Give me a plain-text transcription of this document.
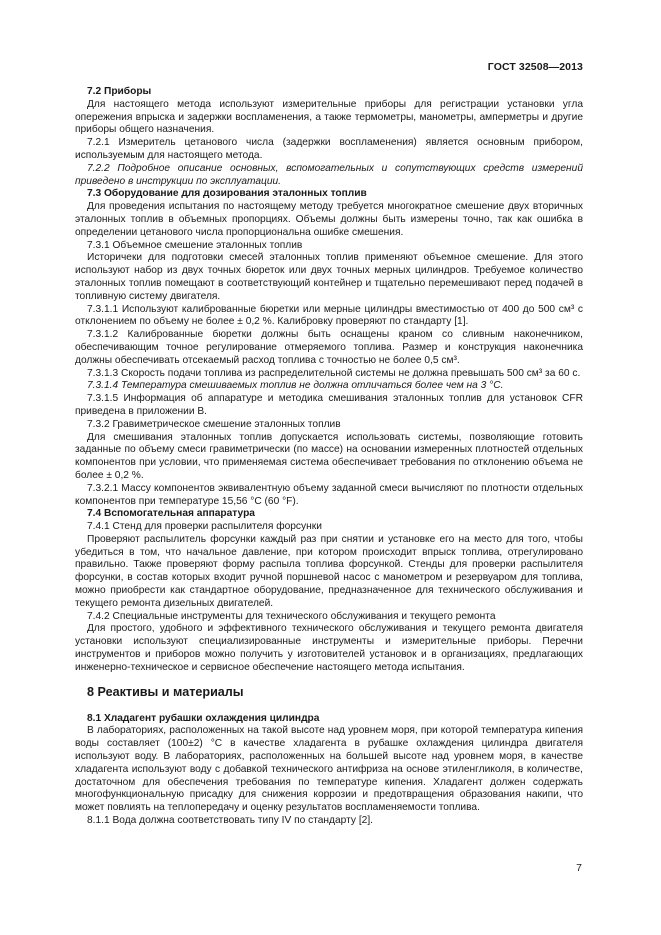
ГОСТ 32508—2013

7.2 Приборы

Для настоящего метода используют измерительные приборы для регистрации установки угла опережения впрыска и задержки воспламенения, а также термометры, манометры, амперметры и другие приборы общего назначения.

7.2.1 Измеритель цетанового числа (задержки воспламенения) является основным прибором, используемым для настоящего метода.

7.2.2 Подробное описание основных, вспомогательных и сопутствующих средств измерений приведено в инструкции по эксплуатации.

7.3 Оборудование для дозирования эталонных топлив

Для проведения испытания по настоящему методу требуется многократное смешение двух вторичных эталонных топлив в объемных пропорциях. Объемы должны быть измерены точно, так как ошибка в определении цетанового числа пропорциональна ошибке смешения.

7.3.1 Объемное смешение эталонных топлив

Историчеки для подготовки смесей эталонных топлив применяют объемное смешение. Для этого используют набор из двух точных бюреток или двух точных мерных цилиндров. Требуемое количество эталонных топлив помещают в соответствующий контейнер и тщательно перемешивают перед подачей в топливную систему двигателя.

7.3.1.1 Используют калиброванные бюретки или мерные цилиндры вместимостью от 400 до 500 см³ с отклонением по объему не более ± 0,2 %. Калибровку проверяют по стандарту [1].

7.3.1.2 Калиброванные бюретки должны быть оснащены краном со сливным наконечником, обеспечивающим точное регулирование отмеряемого топлива. Размер и конструкция наконечника должны обеспечивать отсекаемый расход топлива с точностью не более 0,5 см³.

7.3.1.3 Скорость подачи топлива из распределительной системы не должна превышать 500 см³ за 60 с.

7.3.1.4 Температура смешиваемых топлив не должна отличаться более чем на 3 °С.

7.3.1.5 Информация об аппаратуре и методика смешивания эталонных топлив для установок CFR приведена в приложении В.

7.3.2 Гравиметрическое смешение эталонных топлив

Для смешивания эталонных топлив допускается использовать системы, позволяющие готовить заданные по объему смеси гравиметрически (по массе) на основании измеренных плотностей отдельных компонентов при условии, что применяемая система обеспечивает требования по отклонению объема не более ± 0,2 %.

7.3.2.1 Массу компонентов эквивалентную объему заданной смеси вычисляют по плотности отдельных компонентов при температуре 15,56 °С (60 °F).

7.4 Вспомогательная аппаратура

7.4.1 Стенд для проверки распылителя форсунки

Проверяют распылитель форсунки каждый раз при снятии и установке его на место для того, чтобы убедиться в том, что начальное давление, при котором происходит впрыск топлива, отрегулировано правильно. Также проверяют форму распыла топлива форсункой. Стенды для проверки распылителя форсунки, в состав которых входит ручной поршневой насос с манометром и резервуаром для топлива, можно приобрести как стандартное оборудование, предназначенное для технического обслуживания и текущего ремонта дизельных двигателей.

7.4.2 Специальные инструменты для технического обслуживания и текущего ремонта

Для простого, удобного и эффективного технического обслуживания и текущего ремонта двигателя установки используют специализированные инструменты и измерительные приборы. Перечни инструментов и приборов можно получить у изготовителей установок и в организациях, предлагающих инженерно-техническое и сервисное обеспечение настоящего метода испытания.

8 Реактивы и материалы

8.1 Хладагент рубашки охлаждения цилиндра

В лабораториях, расположенных на такой высоте над уровнем моря, при которой температура кипения воды составляет (100±2) °С в качестве хладагента в рубашке охлаждения цилиндра двигателя используют воду. В лабораториях, расположенных на большей высоте над уровнем моря, в качестве хладагента используют воду с добавкой технического антифриза на основе этиленгликоля, в количестве, достаточном для обеспечения требования по температуре кипения. Хладагент должен содержать многофункциональную присадку для снижения коррозии и предотвращения образования накипи, что может повлиять на теплопередачу и оценку результатов воспламеняемости топлива.

8.1.1 Вода должна соответствовать типу IV по стандарту [2].

7
